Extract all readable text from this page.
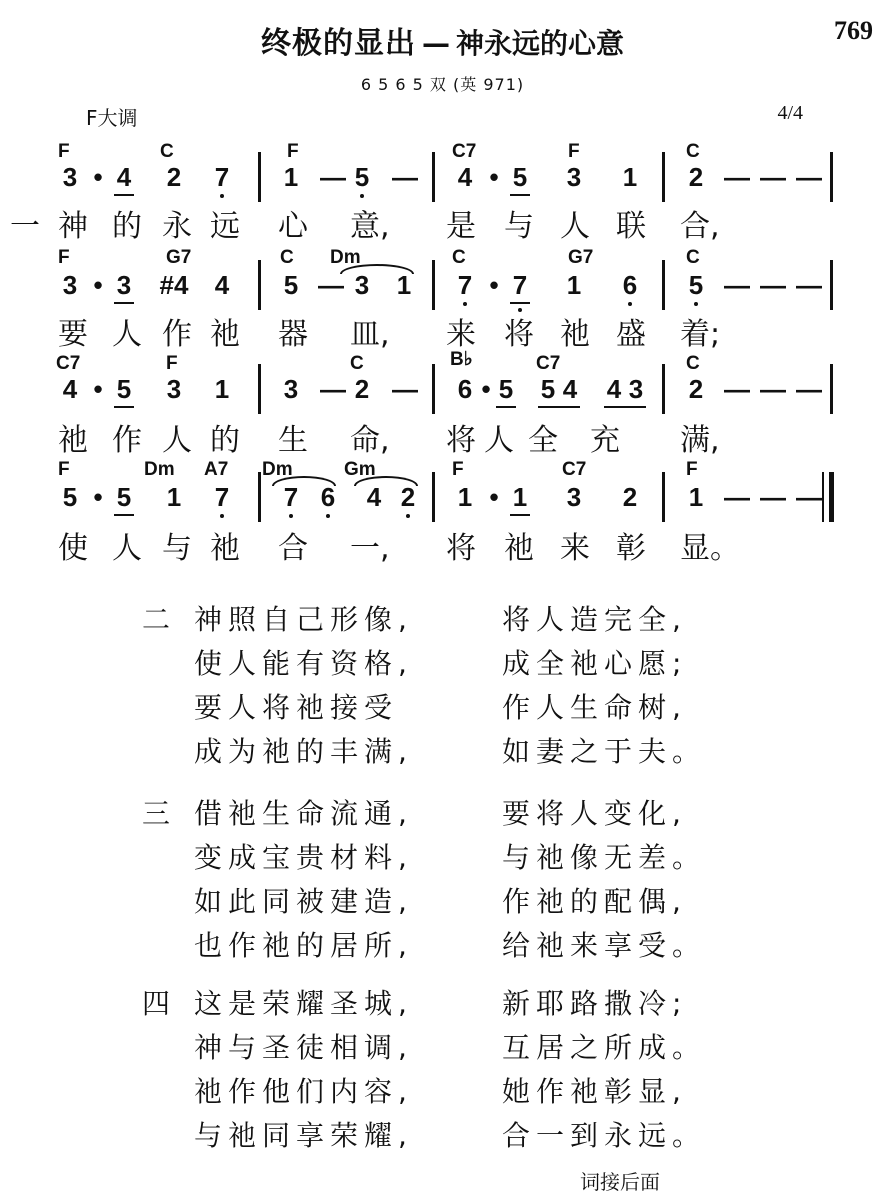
终极的显出 — 神永远的心意	769
6 5 6 5 双 (英 971)
F大调	4/4
F	C	F	C7	F	C
3 • 4 2 7 1 — 5 — 4 • 5 3 1 2 — — —
一 神 的 永 远 心 意, 是 与 人 联 合,
F	G7	C Dm	C	G7	C
3 • 3 #4 4 5 — 3 1 7 • 7 1 6 5 — — —
要 人 作 祂 器 皿, 来 将 祂 盛 着;
C7	F	C	B♭	C7	C
4 • 5 3 1 3 — 2 — 6 • 5 5 4 4 3 2 — — —
祂 作 人 的 生 命, 将 人 全 充 满,
F	Dm A7 Dm	Gm	F	C7	F
5 • 5 1 7 7 6 4 2 1 • 1 3 2 1 — — —
使 人 与 祂 合 一, 将 祂 来 彰 显。
二 神照自己形像,	将人造完全,
使人能有资格,	成全祂心愿;
要人将祂接受	作人生命树,
成为祂的丰满,	如妻之于夫。
三 借祂生命流通,	要将人变化,
变成宝贵材料,	与祂像无差。
如此同被建造,	作祂的配偶,
也作祂的居所,	给祂来享受。
四 这是荣耀圣城,	新耶路撒冷;
神与圣徒相调,	互居之所成。
祂作他们内容,	她作祂彰显,
与祂同享荣耀,	合一到永远。
词接后面
